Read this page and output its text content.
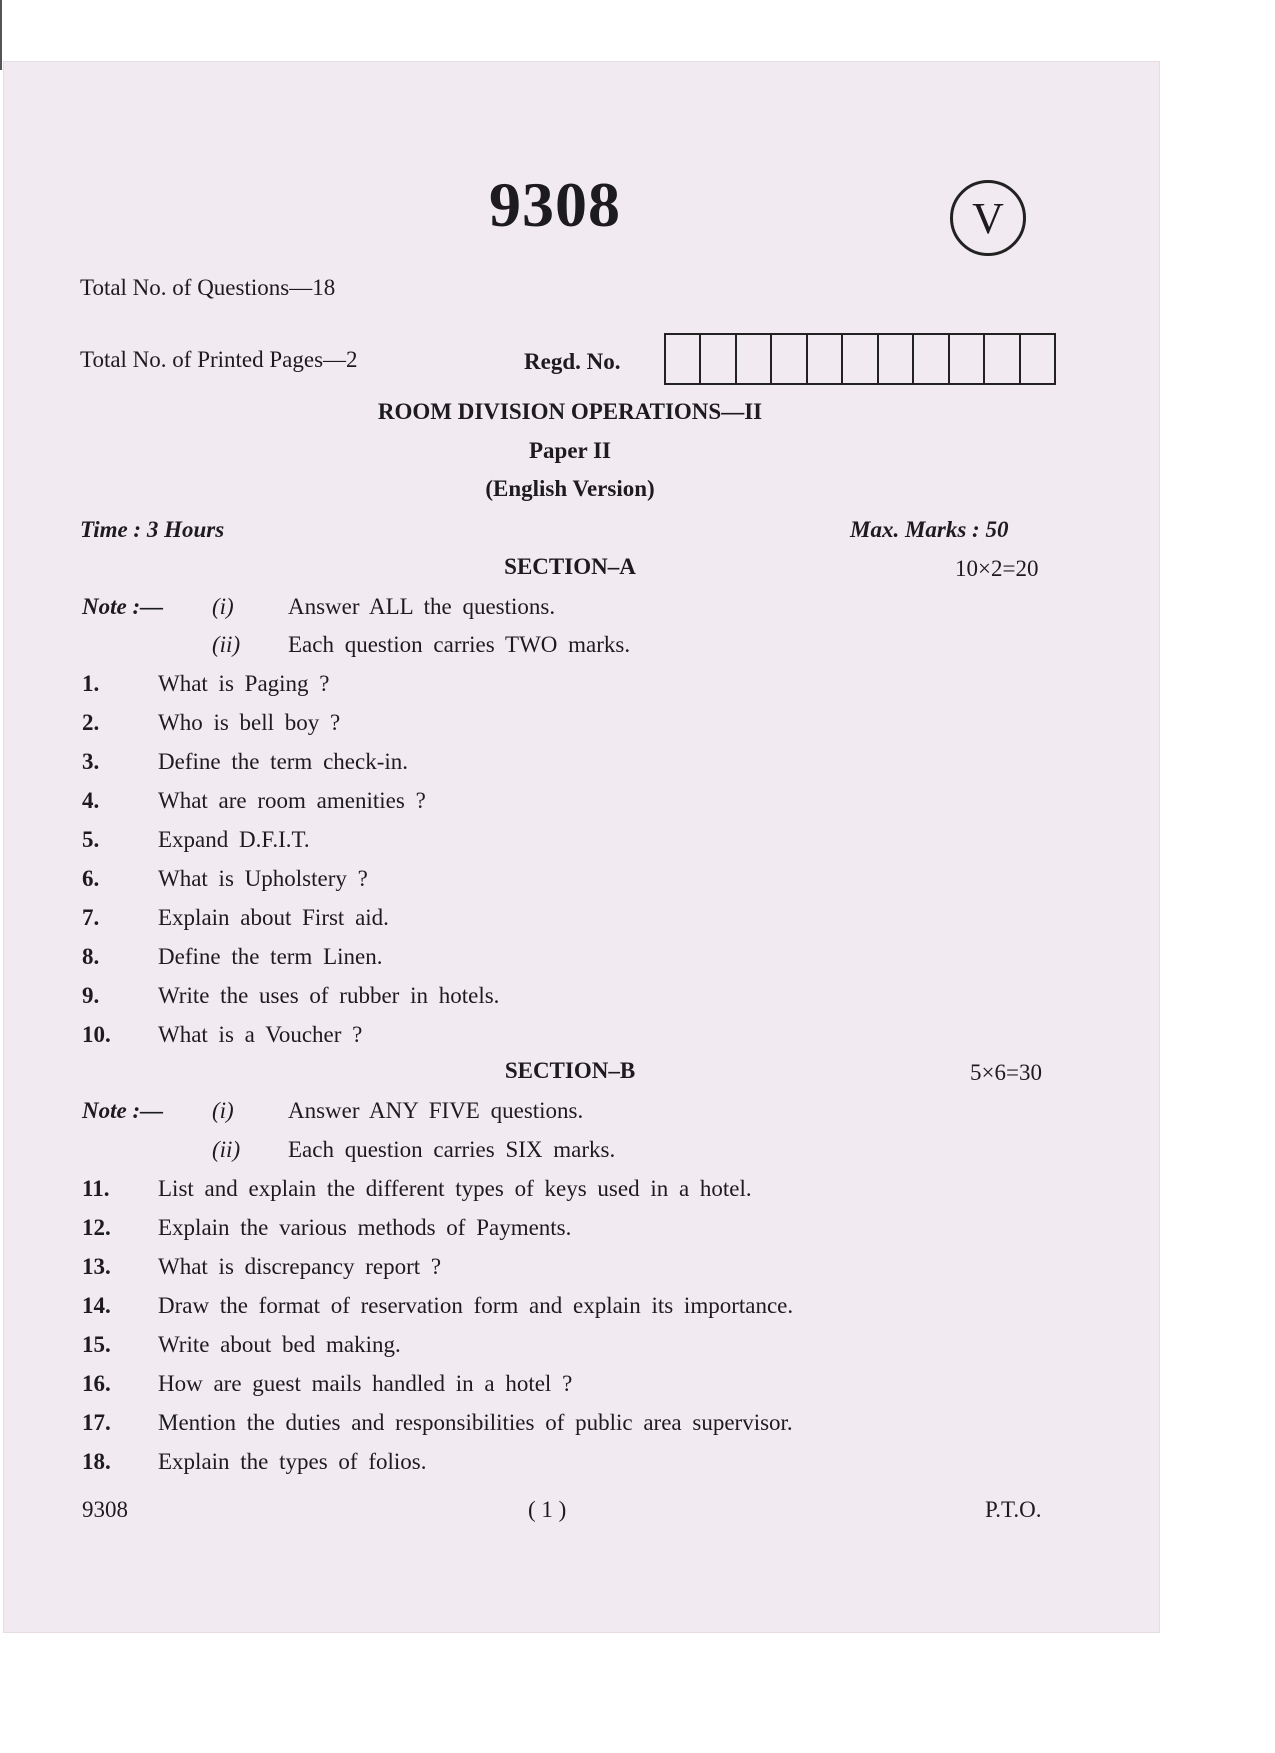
9308	V
Total No. of Questions—18
Total No. of Printed Pages—2	Regd. No.
ROOM DIVISION OPERATIONS—II
Paper II
(English Version)
Time : 3 Hours	Max. Marks : 50
SECTION–A	10×2=20
Note :— (i) Answer ALL the questions.
(ii) Each question carries TWO marks.
1.	What is Paging ?
2.	Who is bell boy ?
3.	Define the term check-in.
4.	What are room amenities ?
5.	Expand D.F.I.T.
6.	What is Upholstery ?
7.	Explain about First aid.
8.	Define the term Linen.
9.	Write the uses of rubber in hotels.
10. What is a Voucher ?
SECTION–B	5×6=30
Note :— (i) Answer ANY FIVE questions.
(ii) Each question carries SIX marks.
11. List and explain the different types of keys used in a hotel.
12. Explain the various methods of Payments.
13. What is discrepancy report ?
14. Draw the format of reservation form and explain its importance.
15. Write about bed making.
16. How are guest mails handled in a hotel ?
17. Mention the duties and responsibilities of public area supervisor.
18. Explain the types of folios.
9308	( 1 )	P.T.O.
